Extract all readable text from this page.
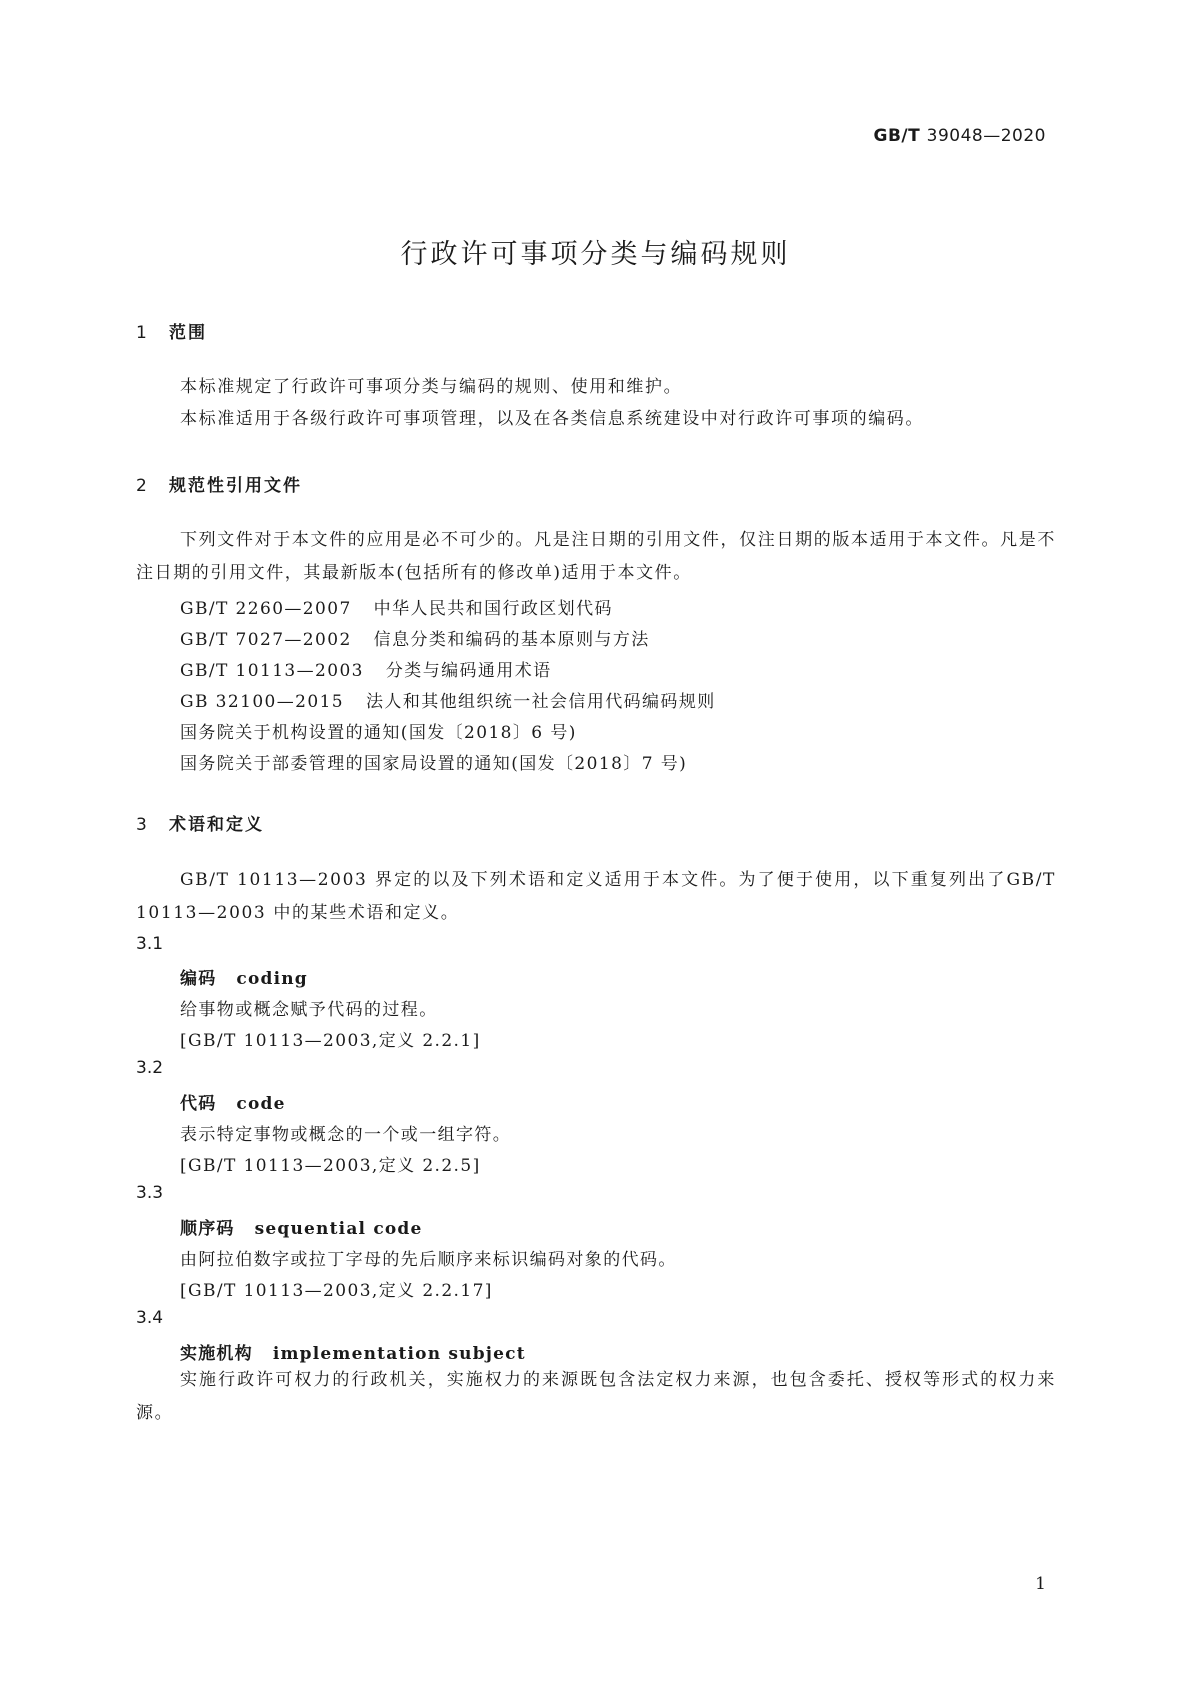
GB/T 39048—2020
行政许可事项分类与编码规则
1 范围
本标准规定了行政许可事项分类与编码的规则、使用和维护。
本标准适用于各级行政许可事项管理，以及在各类信息系统建设中对行政许可事项的编码。
2 规范性引用文件
下列文件对于本文件的应用是必不可少的。凡是注日期的引用文件，仅注日期的版本适用于本文件。凡是不注日期的引用文件，其最新版本(包括所有的修改单)适用于本文件。
GB/T 2260—2007 中华人民共和国行政区划代码
GB/T 7027—2002 信息分类和编码的基本原则与方法
GB/T 10113—2003 分类与编码通用术语
GB 32100—2015 法人和其他组织统一社会信用代码编码规则
国务院关于机构设置的通知(国发〔2018〕6 号)
国务院关于部委管理的国家局设置的通知(国发〔2018〕7 号)
3 术语和定义
GB/T 10113—2003 界定的以及下列术语和定义适用于本文件。为了便于使用，以下重复列出了GB/T 10113—2003 中的某些术语和定义。
3.1
编码 coding
给事物或概念赋予代码的过程。
[GB/T 10113—2003,定义 2.2.1]
3.2
代码 code
表示特定事物或概念的一个或一组字符。
[GB/T 10113—2003,定义 2.2.5]
3.3
顺序码 sequential code
由阿拉伯数字或拉丁字母的先后顺序来标识编码对象的代码。
[GB/T 10113—2003,定义 2.2.17]
3.4
实施机构 implementation subject
实施行政许可权力的行政机关，实施权力的来源既包含法定权力来源，也包含委托、授权等形式的权力来源。
1
